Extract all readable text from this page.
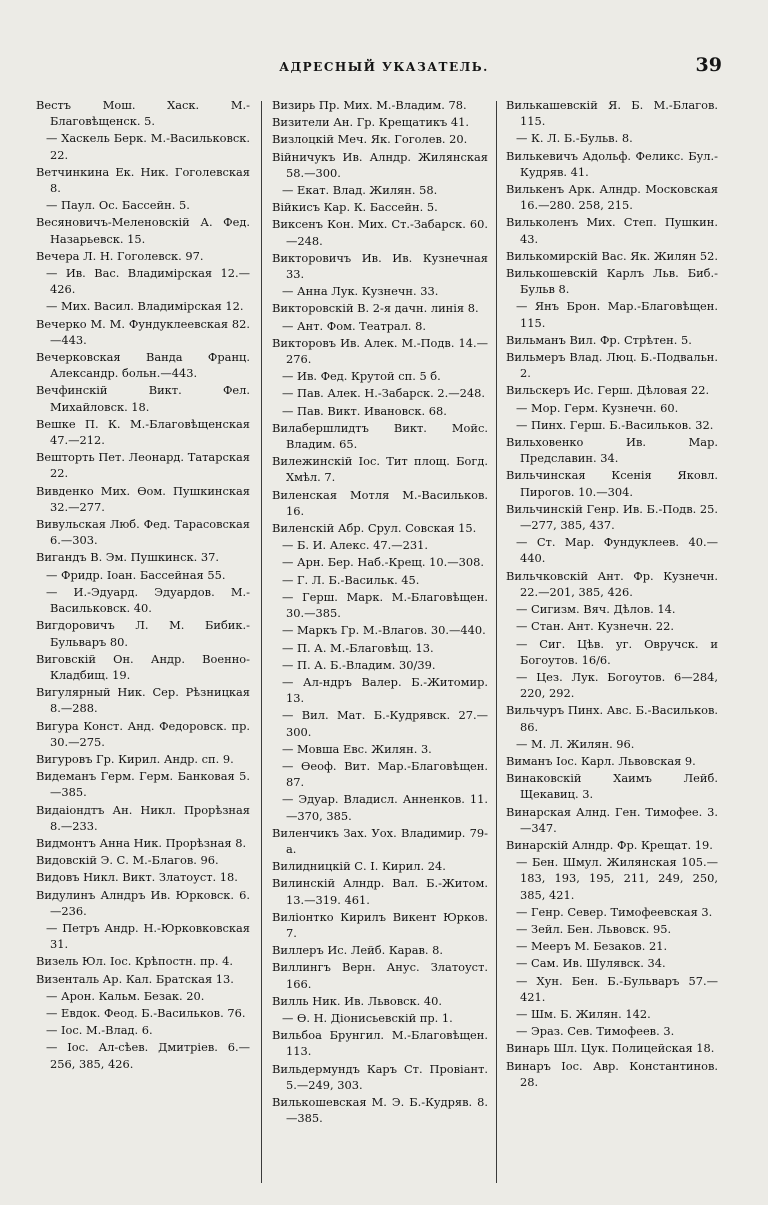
АДРЕСНЫЙ УКАЗАТЕЛЬ.	39
Вестъ Мош. Хаск. М.-Благовѣщенск. 5.
— Хаскель Берк. М.-Васильковск. 22.
Ветчинкина Ек. Ник. Гоголевская 8.
— Пaул. Ос. Бассейн. 5.
Весяновичъ-Меленовскій А. Фед. Назарьевск. 15.
Вечера Л. Н. Гоголевск. 97.
— Ив. Вас. Владимірская 12.—426.
— Мих. Васил. Владимірская 12.
Вечерко М. М. Фундуклеевская 82.—443.
Вечерковская Ванда Франц. Александр. больн.—443.
Вечфинскій Викт. Фел. Михайловск. 18.
Вешке П. К. М.-Благовѣщенская 47.—212.
Вешторть Пет. Леонард. Татарская 22.
Вивденко Мих. Ѳом. Пушкинская 32.—277.
Вивульская Люб. Фед. Тарасовская 6.—303.
Вигандъ В. Эм. Пушкинск. 37.
— Фридр. Іоан. Бассейная 55.
— И.-Эдуард. Эдуардов. М.-Васильковск. 40.
Вигдоровичъ Л. М. Бибик.-Бульваръ 80.
Виговскій Он. Андр. Военно-Кладбищ. 19.
Вигулярный Ник. Сер. Рѣзницкая 8.—288.
Вигура Конст. Анд. Федоровск. пр. 30.—275.
Вигуровъ Гр. Кирил. Андр. сп. 9.
Видеманъ Герм. Герм. Банковая 5.—385.
Видаіондтъ Ан. Никл. Прорѣзная 8.—233.
Видмонтъ Анна Ник. Прорѣзная 8.
Видовскій Э. С. М.-Благов. 96.
Видовъ Никл. Викт. Златоуст. 18.
Видулинъ Алндръ Ив. Юрковск. 6.—236.
— Петръ Андр. Н.-Юрковковская 31.
Визель Юл. Іос. Крѣпостн. пр. 4.
Визенталь Ар. Кал. Братская 13.
— Арон. Кальм. Безак. 20.
— Евдок. Феод. Б.-Васильков. 76.
— Іос. М.-Влад. 6.
— Іос. Ал-сѣев. Дмитріев. 6.—256, 385, 426.
Визирь Пр. Мих. М.-Владим. 78.
Визители Ан. Гр. Крещатикъ 41.
Визлоцкій Меч. Як. Гоголев. 20.
Війничукъ Ив. Алндр. Жилянская 58.—300.
— Екат. Влад. Жилян. 58.
Війкисъ Кар. К. Бассейн. 5.
Виксенъ Кон. Мих. Ст.-Забарск. 60.—248.
Викторовичъ Ив. Ив. Кузнечная 33.
— Анна Лук. Кузнечн. 33.
Викторовскій В. 2-я дачн. линія 8.
— Ант. Фом. Театрал. 8.
Викторовъ Ив. Алек. М.-Подв. 14.—276.
— Ив. Фед. Крутой сп. 5 б.
— Пав. Алек. Н.-Забарск. 2.—248.
— Пав. Викт. Ивановск. 68.
Вилабершлидтъ Викт. Мойс. Владим. 65.
Вилежинскій Іос. Тит площ. Богд. Хмѣл. 7.
Виленская Мотля М.-Васильков. 16.
Виленскій Абр. Срул. Совская 15.
— Б. И. Алекс. 47.—231.
— Арн. Бер. Наб.-Крещ. 10.—308.
— Г. Л. Б.-Васильк. 45.
— Герш. Марк. М.-Благовѣщен. 30.—385.
— Маркъ Гр. М.-Влагов. 30.—440.
— П. А. М.-Благовѣщ. 13.
— П. А. Б.-Владим. 30/39.
— Ал-ндръ Валер. Б.-Житомир. 13.
— Вил. Мат. Б.-Кудрявск. 27.—300.
— Мовша Евс. Жилян. 3.
— Ѳеоф. Вит. Мар.-Благовѣщен. 87.
— Эдуар. Владисл. Анненков. 11.—370, 385.
Виленчикъ Зах. Уох. Владимир. 79-а.
Вилидницкій С. І. Кирил. 24.
Вилинскій Алндр. Вал. Б.-Житом. 13.—319. 461.
Виліонтко Кирилъ Викент Юрков. 7.
Виллеръ Ис. Лейб. Карав. 8.
Виллингъ Верн. Анус. Златоуст. 166.
Вилль Ник. Ив. Львовск. 40.
— Ѳ. Н. Діонисьевскій пр. 1.
Вильбоа Брунгил. М.-Благовѣщен. 113.
Вильдермундъ Каръ Ст. Провіант. 5.—249, 303.
Вилькошевская М. Э. Б.-Кудряв. 8.—385.
Вилькашевскій Я. Б. М.-Благов. 115.
— К. Л. Б.-Бульв. 8.
Вилькевичъ Адольф. Феликс. Бул.-Кудряв. 41.
Вилькенъ Арк. Алндр. Московская 16.—280. 258, 215.
Вильколенъ Мих. Степ. Пушкин. 43.
Вилькомирскій Вас. Як. Жилян 52.
Вилькошевскій Карлъ Льв. Биб.-Бульв 8.
— Янъ Брон. Мар.-Благовѣщен. 115.
Вильманъ Вил. Фр. Стрѣтен. 5.
Вильмеръ Влад. Люц. Б.-Подвальн. 2.
Вильскеръ Ис. Герш. Дѣловая 22.
— Мор. Герм. Кузнечн. 60.
— Пинх. Герш. Б.-Васильков. 32.
Вильховенко Ив. Мар. Предславин. 34.
Вильчинская Ксенія Яковл. Пирогов. 10.—304.
Вильчинскій Генр. Ив. Б.-Подв. 25.—277, 385, 437.
— Ст. Мар. Фундуклеев. 40.—440.
Вильчковскій Ант. Фр. Кузнечн. 22.—201, 385, 426.
— Сигизм. Вяч. Дѣлов. 14.
— Стан. Ант. Кузнечн. 22.
— Сиг. Цѣв. уг. Овручск. и Богоутов. 16/6.
— Цез. Лук. Богоутов. 6—284, 220, 292.
Вильчуръ Пинх. Авс. Б.-Васильков. 86.
— М. Л. Жилян. 96.
Виманъ Іос. Карл. Львовская 9.
Винаковскій Хаимъ Лейб. Щекавиц. 3.
Винарская Алнд. Ген. Тимофее. 3.—347.
Винарскій Алндр. Фр. Крещат. 19.
— Бен. Шмул. Жилянская 105.—183, 193, 195, 211, 249, 250, 385, 421.
— Генр. Север. Тимофеевская 3.
— Зейл. Бен. Львовск. 95.
— Мееръ М. Безаков. 21.
— Сам. Ив. Шулявск. 34.
— Хун. Бен. Б.-Бульваръ 57.—421.
— Шм. Б. Жилян. 142.
— Эраз. Сев. Тимофеев. 3.
Винарь Шл. Цук. Полицейская 18.
Винаръ Іос. Авр. Константинов. 28.
